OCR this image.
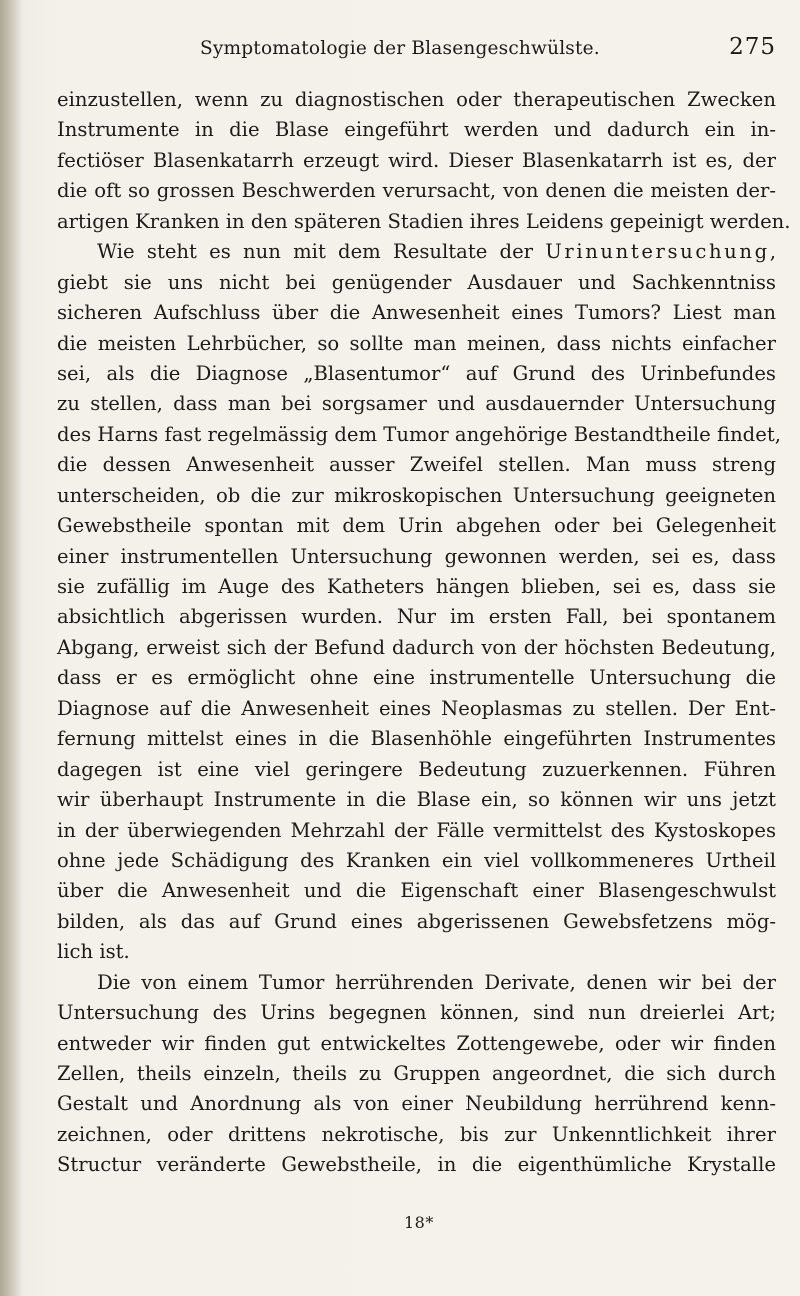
Symptomatologie der Blasengeschwülste.	275
einzustellen, wenn zu diagnostischen oder therapeutischen Zwecken
Instrumente in die Blase eingeführt werden und dadurch ein in-
fectiöser Blasenkatarrh erzeugt wird. Dieser Blasenkatarrh ist es, der
die oft so grossen Beschwerden verursacht, von denen die meisten der-
artigen Kranken in den späteren Stadien ihres Leidens gepeinigt werden.
Wie steht es nun mit dem Resultate der Urinuntersuchung,
giebt sie uns nicht bei genügender Ausdauer und Sachkenntniss
sicheren Aufschluss über die Anwesenheit eines Tumors? Liest man
die meisten Lehrbücher, so sollte man meinen, dass nichts einfacher
sei, als die Diagnose „Blasentumor“ auf Grund des Urinbefundes
zu stellen, dass man bei sorgsamer und ausdauernder Untersuchung
des Harns fast regelmässig dem Tumor angehörige Bestandtheile findet,
die dessen Anwesenheit ausser Zweifel stellen. Man muss streng
unterscheiden, ob die zur mikroskopischen Untersuchung geeigneten
Gewebstheile spontan mit dem Urin abgehen oder bei Gelegenheit
einer instrumentellen Untersuchung gewonnen werden, sei es, dass
sie zufällig im Auge des Katheters hängen blieben, sei es, dass sie
absichtlich abgerissen wurden. Nur im ersten Fall, bei spontanem
Abgang, erweist sich der Befund dadurch von der höchsten Bedeutung,
dass er es ermöglicht ohne eine instrumentelle Untersuchung die
Diagnose auf die Anwesenheit eines Neoplasmas zu stellen. Der Ent-
fernung mittelst eines in die Blasenhöhle eingeführten Instrumentes
dagegen ist eine viel geringere Bedeutung zuzuerkennen. Führen
wir überhaupt Instrumente in die Blase ein, so können wir uns jetzt
in der überwiegenden Mehrzahl der Fälle vermittelst des Kystoskopes
ohne jede Schädigung des Kranken ein viel vollkommeneres Urtheil
über die Anwesenheit und die Eigenschaft einer Blasengeschwulst
bilden, als das auf Grund eines abgerissenen Gewebsfetzens mög-
lich ist.
Die von einem Tumor herrührenden Derivate, denen wir bei der
Untersuchung des Urins begegnen können, sind nun dreierlei Art;
entweder wir finden gut entwickeltes Zottengewebe, oder wir finden
Zellen, theils einzeln, theils zu Gruppen angeordnet, die sich durch
Gestalt und Anordnung als von einer Neubildung herrührend kenn-
zeichnen, oder drittens nekrotische, bis zur Unkenntlichkeit ihrer
Structur veränderte Gewebstheile, in die eigenthümliche Krystalle
18*
